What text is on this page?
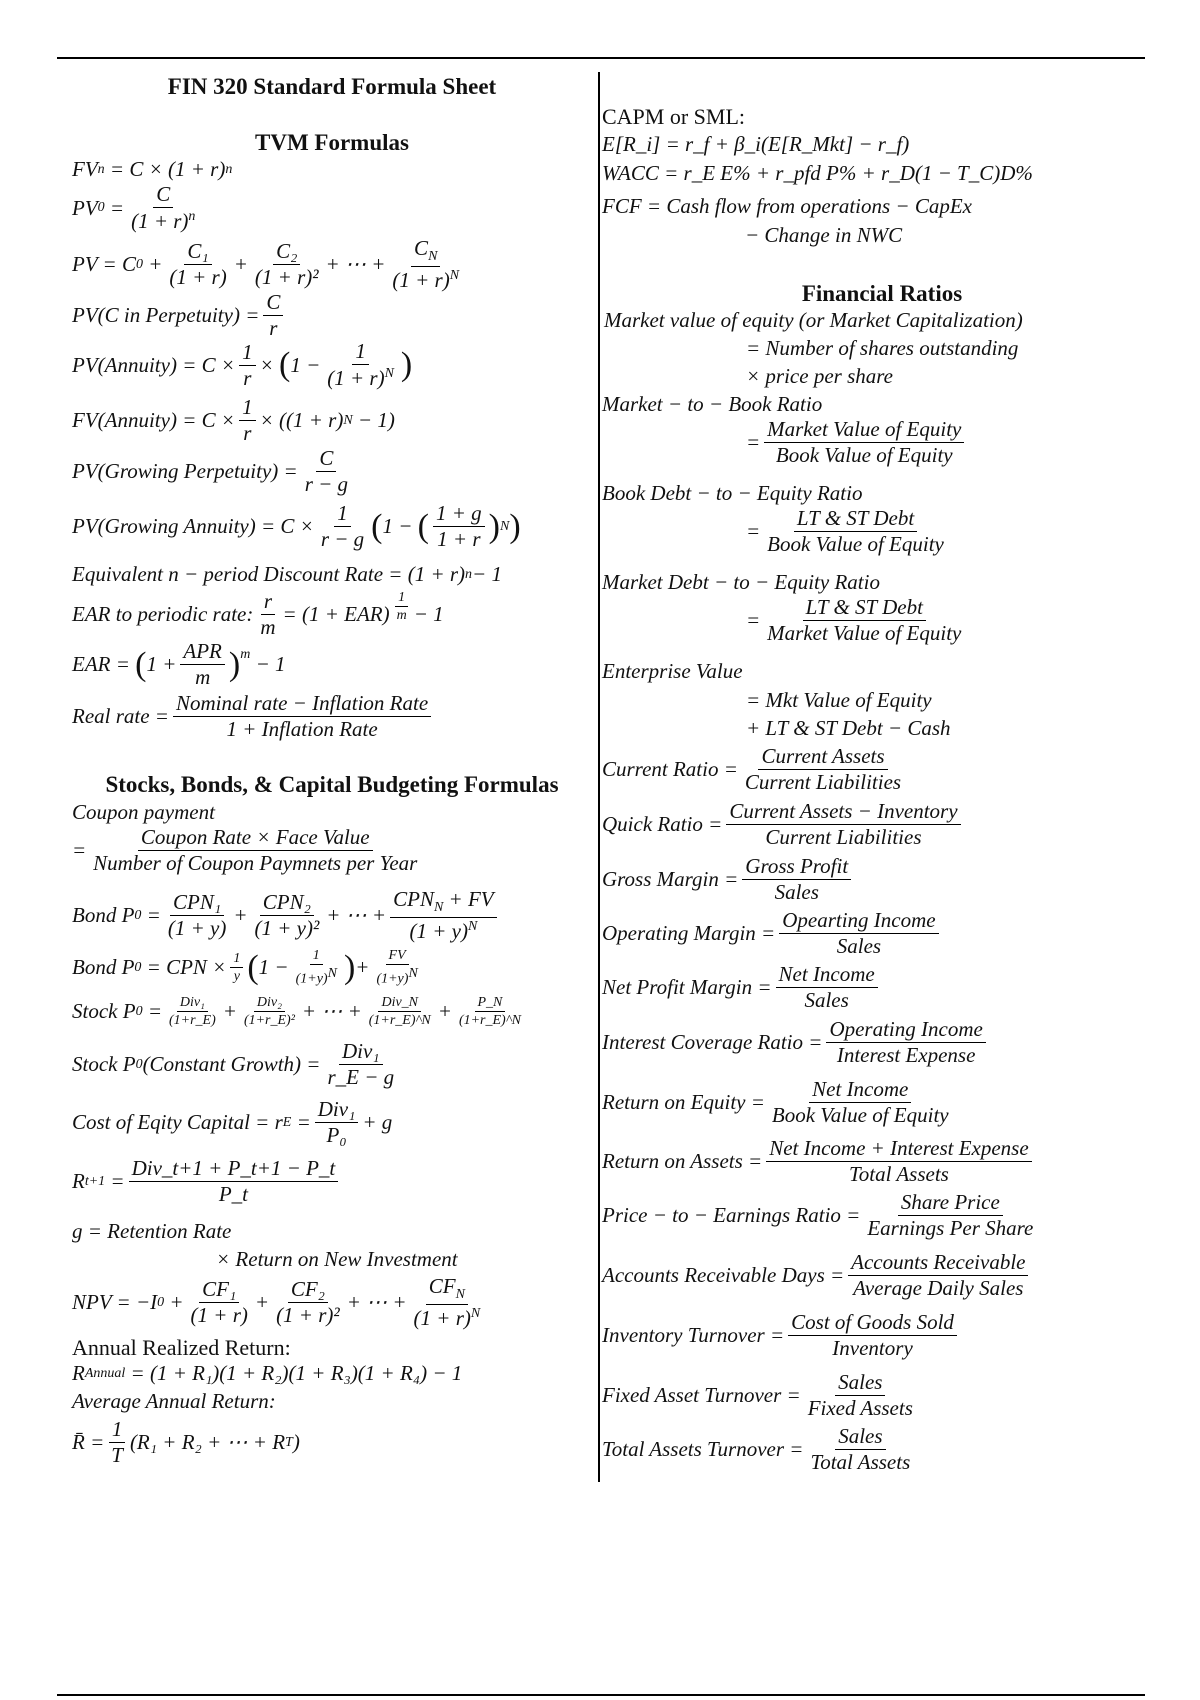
FIN 320 Standard Formula Sheet
TVM Formulas
FV n
= C × (1 + r) n
PV 0
= $\frac{C}{(1 + r)^n}$
PV = C $0 + \frac{\text{C₁}}{(1 + r)} + \frac{\text{C₂}}{\text{(1 + r)²}}$ + ⋯ + $\frac{C_N}{(1 + r)^N}$
PV(C in Perpetuity) = $\frac{C}{r}$
PV(Annuity) = $C \times \frac{1}{r}$ ×
( $1 - \frac{1}{(1 + r)^N}$ )
FV(Annuity) = $C \times \frac{1}{r} \times ((1 + r)$ N
− 1)
PV(Growing Perpetuity) = $\frac{C}{r - g}$
PV(Growing Annuity) = $C \times \frac{1}{r - g}$ ( 1 −
( $\frac{1 + g}{1 + r}$ ) N )
Equivalent n − period Discount Rate = (1 + r) n − 1
EAR to periodic rate: $\frac{r}{m} = (1 + EAR) \frac{1}{m} - 1$
EAR =
( $1 + \frac{\text{APR}}{m} )^m$
− 1
Real rate = $\frac{\text{Nominal rate − Inflation Rate}}{\text{1 + Inflation Rate}}$
Stocks, Bonds, & Capital Budgeting Formulas
Coupon payment
= $\frac{\text{Coupon Rate × Face Value}}{\text{Number of Coupon Paymnets per Year}}$
Bond P 0
= $\frac{\text{CPN₁}}{(1 + y)} + \frac{\text{CPN₂}}{\text{(1 + y)²}}$ + ⋯ + $\frac{CPN_N + FV}{(1 + y)^N}$
Bond P 0
= CPN × $\frac{1}{y}$ ( $1 - \frac{1}{(1+y)^N}$ ) + $\frac{FV}{(1+y)^N}$
Stock P 0
= $\frac{\text{Div₁}}{(1+r\_E)} + \frac{\text{Div₂}}{\text{(1+r\_E)²}}$ + ⋯ + $\frac{\text{Div\_N}}{(1+r\_E)\^{}N} + \frac{P\_N}{(1+r\_E)\^{}N}$
Stock P 0 (Constant Growth) = $\frac{\text{Div₁}}{r\_E - g}$
Cost of Eqity Capital = r E
= $\frac{\text{Div₁}}{\text{P₀}} + g$
R t+1
= $\frac{\text{Div\_t+1 + P\_t+1 − P\_t}}{P\_t}$
g = Retention Rate
× Return on New Investment
NPV = −I 0
+ $\frac{\text{CF₁}}{(1 + r)} + \frac{\text{CF₂}}{\text{(1 + r)²}}$ + ⋯ + $\frac{CF_N}{(1 + r)^N}$
Annual Realized Return:
R Annual
= (1 + R₁)(1 + R₂)(1 + R₃)(1 + R₄) − 1
Average Annual Return:
R̄ = $\frac{1}{T} (R_1 + R_2$ + ⋯ + R T )
CAPM or SML:
E[R_i] = r_f + β_i(E[R_Mkt] − r_f)
WACC = r_E E% + r_pfd P% + r_D(1 − T_C)D%
FCF = Cash flow from operations − CapEx
− Change in NWC
Financial Ratios
Market value of equity (or Market Capitalization)
= Number of shares outstanding
× price per share
Market − to − Book Ratio
= $\frac{\text{Market Value of Equity}}{\text{Book Value of Equity}}$
Book Debt − to − Equity Ratio
= $\frac{\text{LT \& ST Debt}}{\text{Book Value of Equity}}$
Market Debt − to − Equity Ratio
= $\frac{\text{LT \& ST Debt}}{\text{Market Value of Equity}}$
Enterprise Value
= Mkt Value of Equity
+ LT & ST Debt − Cash
Current Ratio = $\frac{\text{Current Assets}}{\text{Current Liabilities}}$
Quick Ratio = $\frac{\text{Current Assets − Inventory}}{\text{Current Liabilities}}$
Gross Margin = $\frac{\text{Gross Profit}}{\text{Sales}}$
Operating Margin = $\frac{\text{Opearting Income}}{\text{Sales}}$
Net Profit Margin = $\frac{\text{Net Income}}{\text{Sales}}$
Interest Coverage Ratio = $\frac{\text{Operating Income}}{\text{Interest Expense}}$
Return on Equity = $\frac{\text{Net Income}}{\text{Book Value of Equity}}$
Return on Assets = $\frac{\text{Net Income + Interest Expense}}{\text{Total Assets}}$
Price − to − Earnings Ratio = $\frac{\text{Share Price}}{\text{Earnings Per Share}}$
Accounts Receivable Days = $\frac{\text{Accounts Receivable}}{\text{Average Daily Sales}}$
Inventory Turnover = $\frac{\text{Cost of Goods Sold}}{\text{Inventory}}$
Fixed Asset Turnover = $\frac{\text{Sales}}{\text{Fixed Assets}}$
Total Assets Turnover = $\frac{\text{Sales}}{\text{Total Assets}}$
